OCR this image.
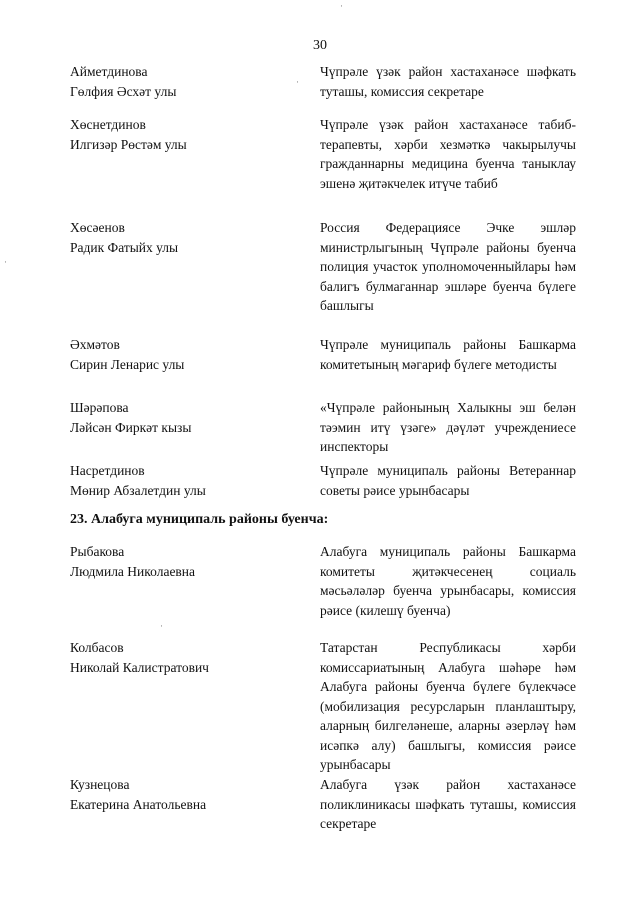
30
Айметдинова
Гөлфия Әсхәт улы
Чүпрәле үзәк район хастаханәсе шәфкать туташы, комиссия секретаре
Хөснетдинов
Илгизәр Рөстәм улы
Чүпрәле үзәк район хастаханәсе табиб-терапевты, хәрби хезмәткә чакырылучы гражданнарны медицина буенча таныклау эшенә җитәкчелек итүче табиб
Хөсәенов
Радик Фатыйх улы
Россия Федерациясе Эчке эшләр министрлыгының Чүпрәле районы буенча полиция участок уполномоченныйлары һәм балигъ булмаганнар эшләре буенча бүлеге башлыгы
Әхмәтов
Сирин Ленарис улы
Чүпрәле муниципаль районы Башкарма комитетының мәгариф бүлеге методисты
Шәрәпова
Ләйсән Фиркәт кызы
«Чүпрәле районының Халыкны эш белән тәэмин итү үзәге» дәүләт учреждениесе инспекторы
Насретдинов
Мөнир Абзалетдин улы
Чүпрәле муниципаль районы Ветераннар советы рәисе урынбасары
23. Алабуга муниципаль районы буенча:
Рыбакова
Людмила Николаевна
Алабуга муниципаль районы Башкарма комитеты җитәкчесенең социаль мәсьәләләр буенча урынбасары, комиссия рәисе (килешү буенча)
Колбасов
Николай Калистратович
Татарстан Республикасы хәрби комиссариатының Алабуга шәһәре һәм Алабуга районы буенча бүлеге бүлекчәсе (мобилизация ресурсларын планлаштыру, аларның билгеләнеше, аларны әзерләү һәм исәпкә алу) башлыгы, комиссия рәисе урынбасары
Кузнецова
Екатерина Анатольевна
Алабуга үзәк район хастаханәсе поликлиникасы шәфкать туташы, комиссия секретаре
·
·
·
·
